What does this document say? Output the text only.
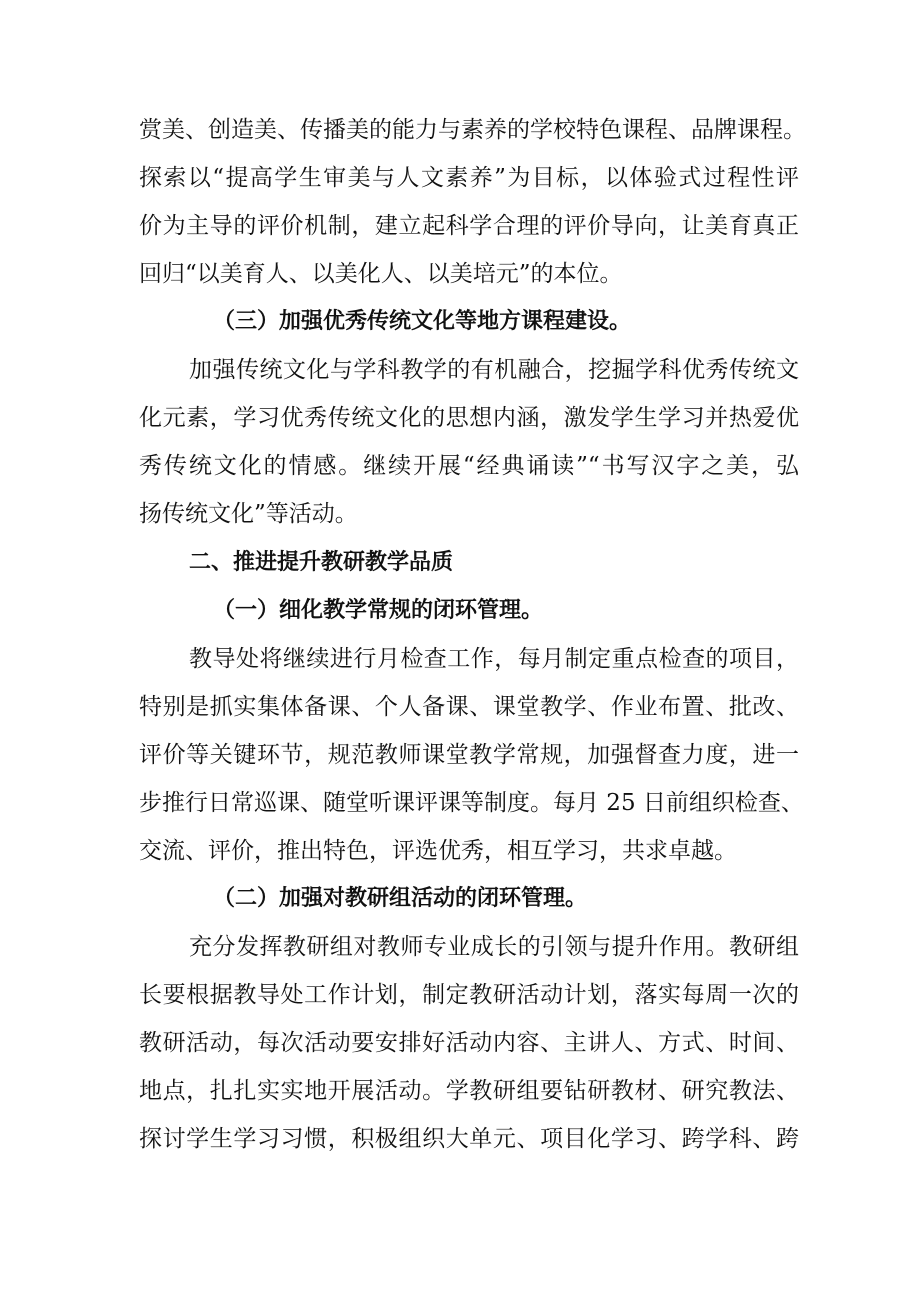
赏美、创造美、传播美的能力与素养的学校特色课程、品牌课程。
探索以“提高学生审美与人文素养”为目标，以体验式过程性评
价为主导的评价机制，建立起科学合理的评价导向，让美育真正
回归“以美育人、以美化人、以美培元”的本位。
（三）加强优秀传统文化等地方课程建设。
加强传统文化与学科教学的有机融合，挖掘学科优秀传统文
化元素，学习优秀传统文化的思想内涵，激发学生学习并热爱优
秀传统文化的情感。继续开展“经典诵读”“书写汉字之美，弘
扬传统文化”等活动。
二、推进提升教研教学品质
（一）细化教学常规的闭环管理。
教导处将继续进行月检查工作，每月制定重点检查的项目，
特别是抓实集体备课、个人备课、课堂教学、作业布置、批改、
评价等关键环节，规范教师课堂教学常规，加强督查力度，进一
步推行日常巡课、随堂听课评课等制度。每月 25 日前组织检查、
交流、评价，推出特色，评选优秀，相互学习，共求卓越。
（二）加强对教研组活动的闭环管理。
充分发挥教研组对教师专业成长的引领与提升作用。教研组
长要根据教导处工作计划，制定教研活动计划，落实每周一次的
教研活动，每次活动要安排好活动内容、主讲人、方式、时间、
地点，扎扎实实地开展活动。学教研组要钻研教材、研究教法、
探讨学生学习习惯，积极组织大单元、项目化学习、跨学科、跨
